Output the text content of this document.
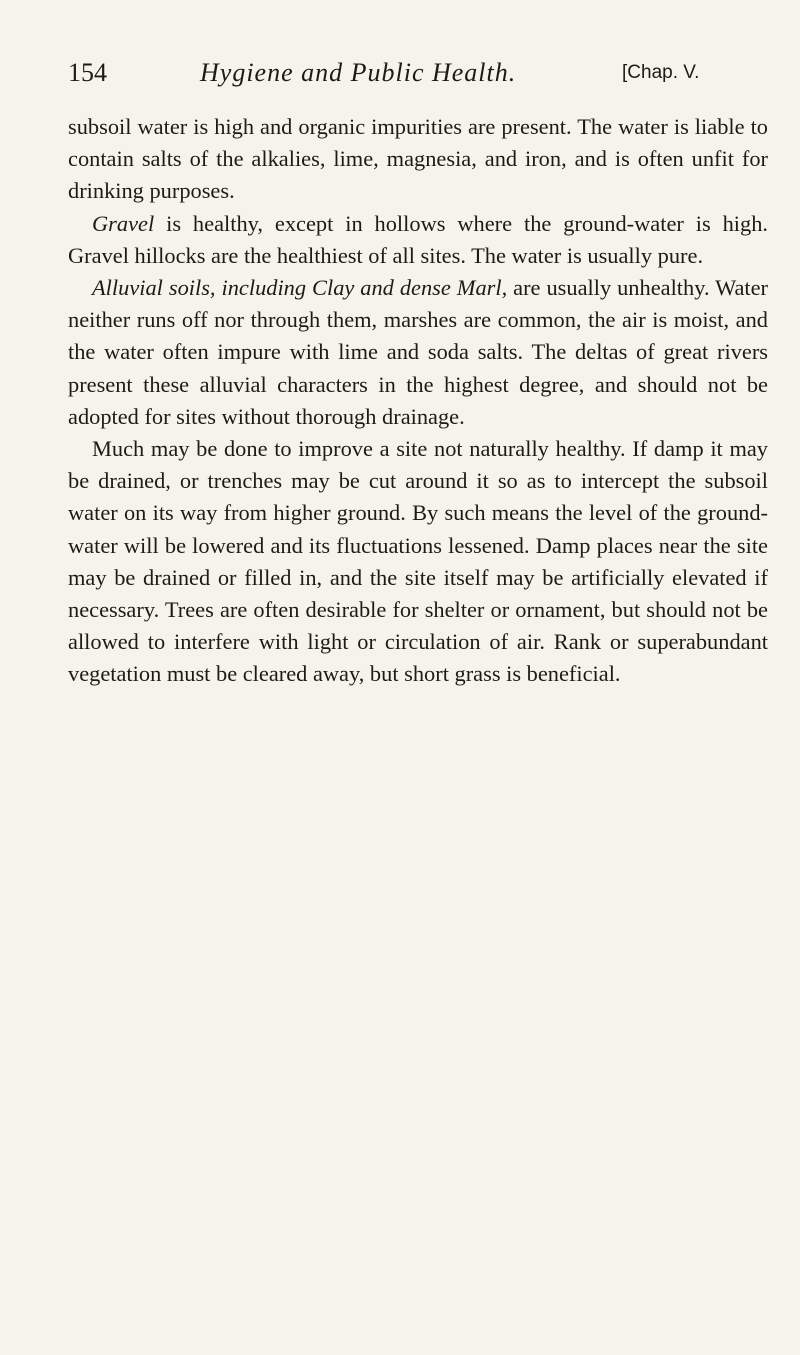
154	Hygiene and Public Health.	[Chap. V.

subsoil water is high and organic impurities are present. The water is liable to contain salts of the alkalies, lime, magnesia, and iron, and is often unfit for drinking purposes.

Gravel is healthy, except in hollows where the ground-water is high. Gravel hillocks are the healthiest of all sites. The water is usually pure.

Alluvial soils, including Clay and dense Marl, are usually unhealthy. Water neither runs off nor through them, marshes are common, the air is moist, and the water often impure with lime and soda salts. The deltas of great rivers present these alluvial characters in the highest degree, and should not be adopted for sites without thorough drainage.

Much may be done to improve a site not naturally healthy. If damp it may be drained, or trenches may be cut around it so as to intercept the subsoil water on its way from higher ground. By such means the level of the ground-water will be lowered and its fluctuations lessened. Damp places near the site may be drained or filled in, and the site itself may be artificially elevated if necessary. Trees are often desirable for shelter or ornament, but should not be allowed to interfere with light or circulation of air. Rank or superabundant vegetation must be cleared away, but short grass is beneficial.
